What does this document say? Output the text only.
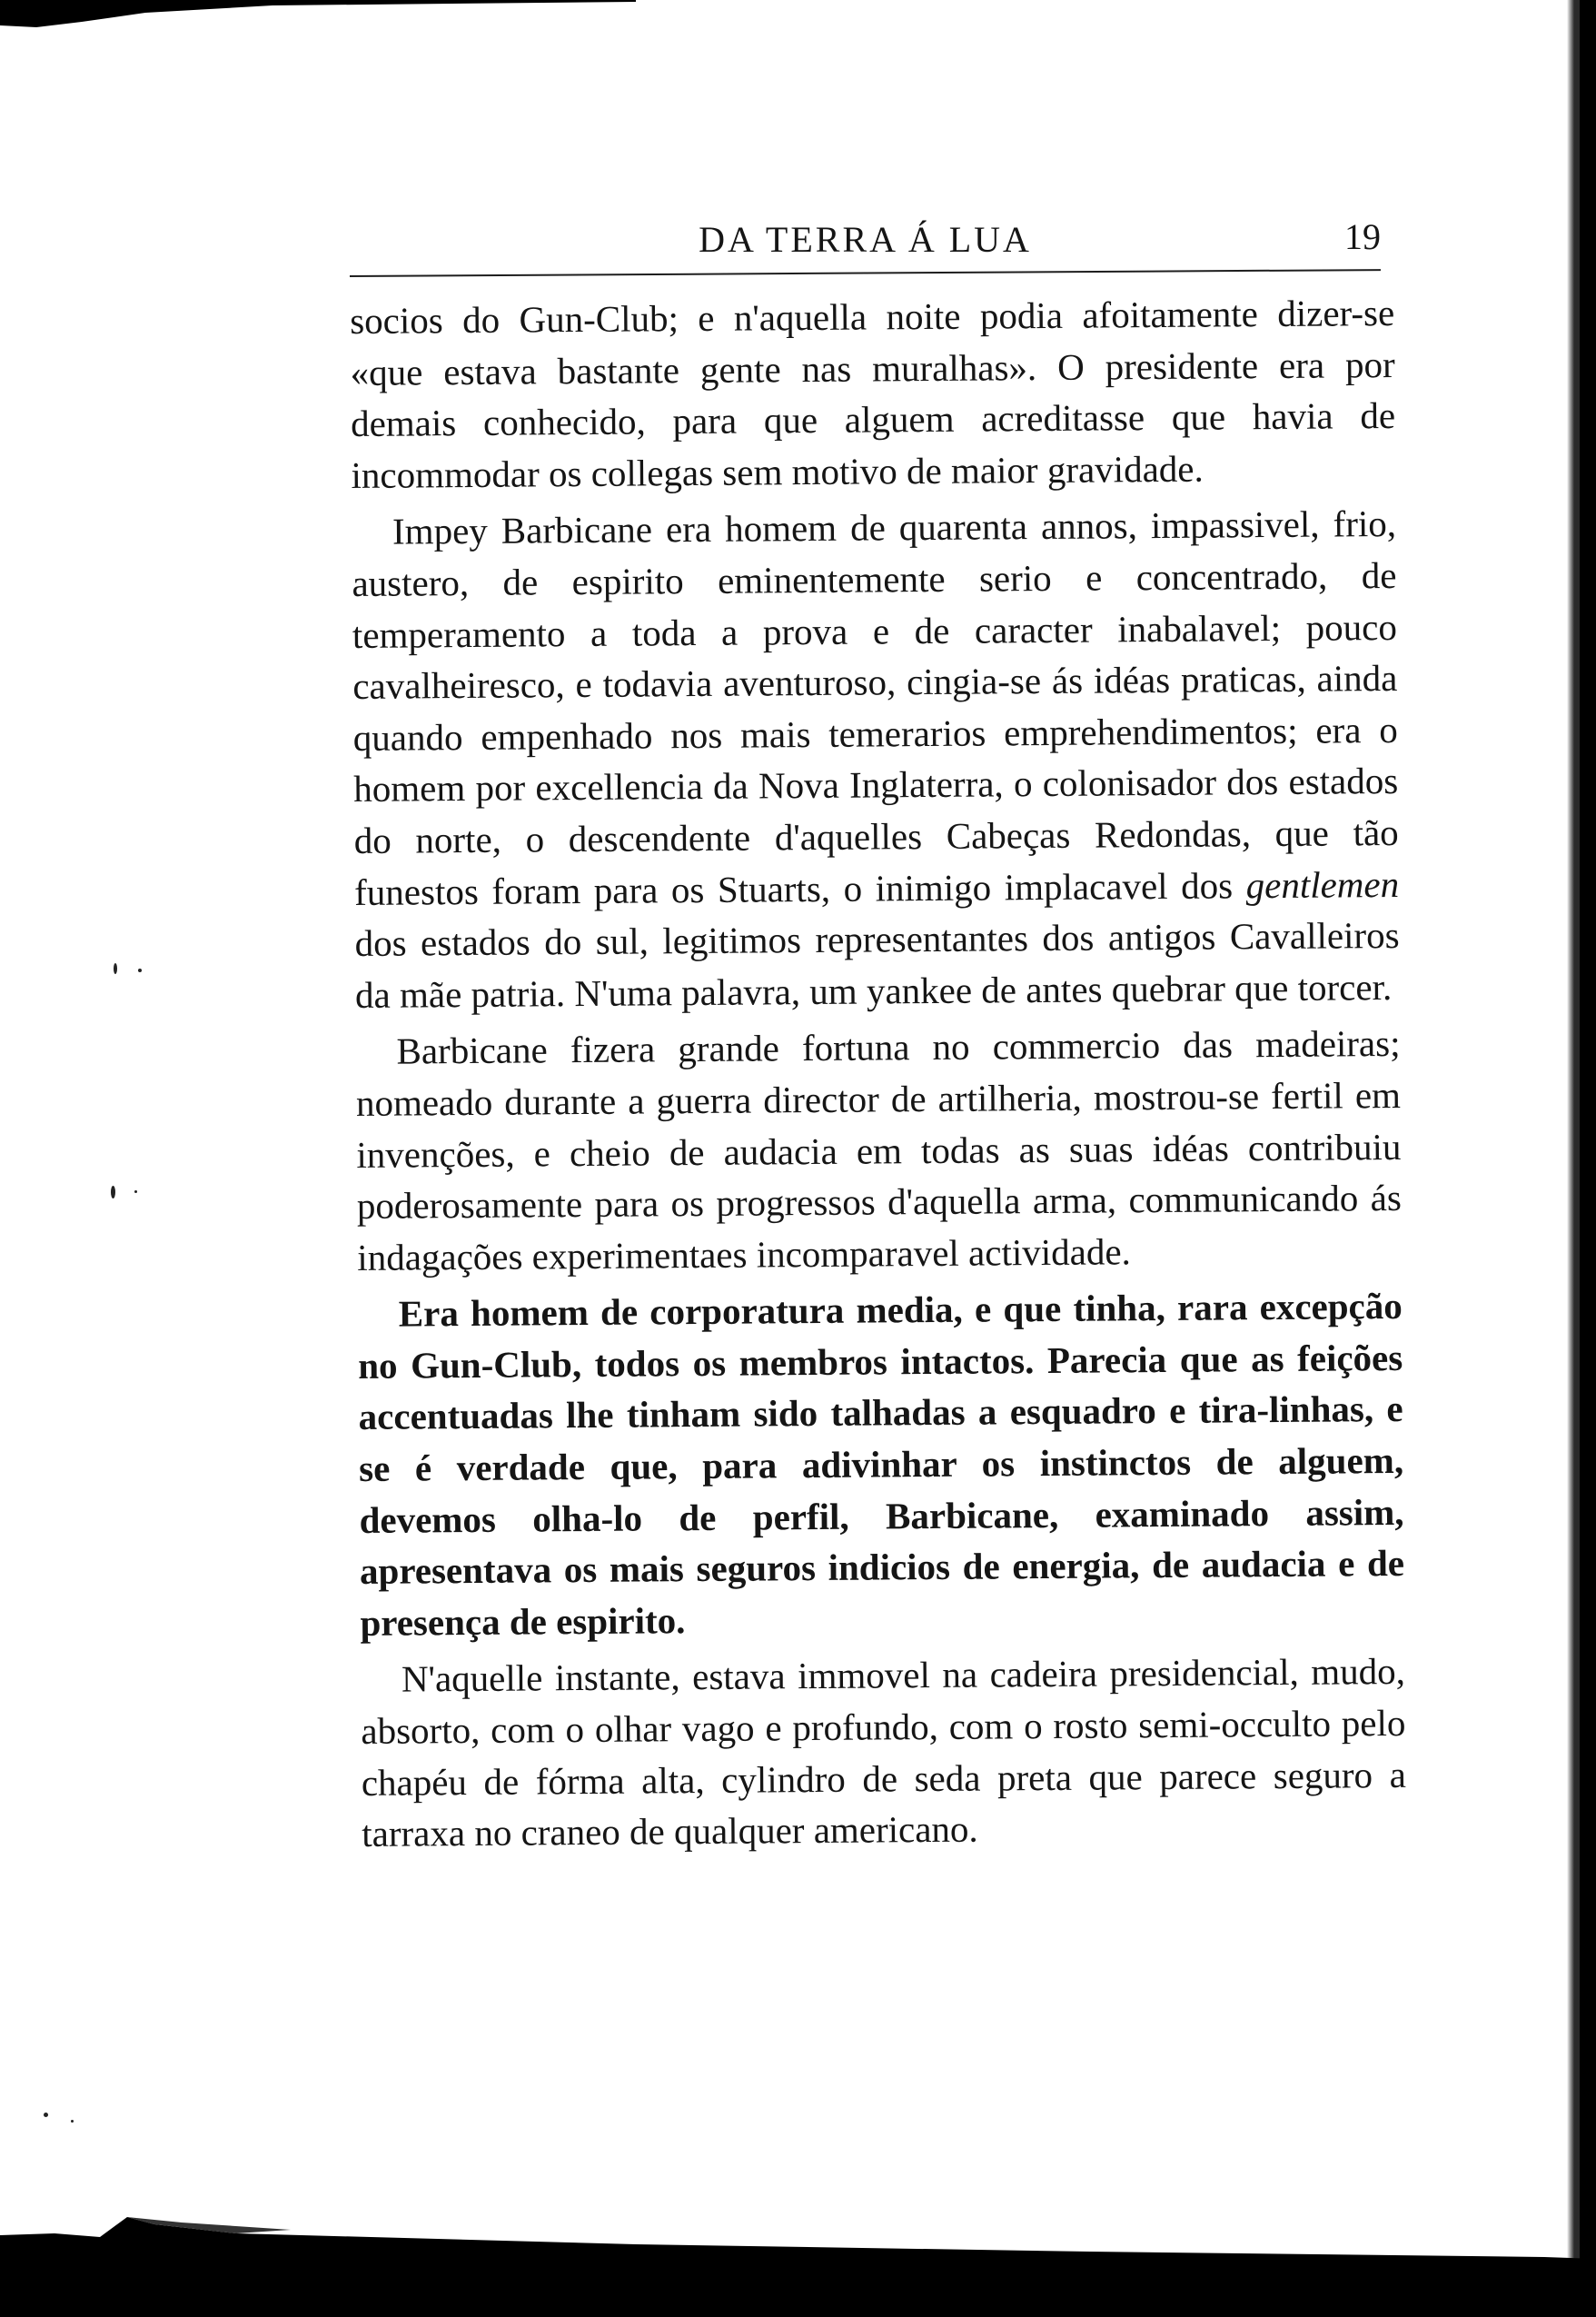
DA TERRA Á LUA	19

socios do Gun-Club; e n'aquella noite podia afoitamente dizer-se «que estava bastante gente nas muralhas». O presidente era por demais conhecido, para que alguem acreditasse que havia de incommodar os collegas sem motivo de maior gravidade.

Impey Barbicane era homem de quarenta annos, impassivel, frio, austero, de espirito eminentemente serio e concentrado, de temperamento a toda a prova e de caracter inabalavel; pouco cavalheiresco, e todavia aventuroso, cingia-se ás idéas praticas, ainda quando empenhado nos mais temerarios emprehendimentos; era o homem por excellencia da Nova Inglaterra, o colonisador dos estados do norte, o descendente d'aquelles Cabeças Redondas, que tão funestos foram para os Stuarts, o inimigo implacavel dos gentlemen dos estados do sul, legitimos representantes dos antigos Cavalleiros da mãe patria. N'uma palavra, um yankee de antes quebrar que torcer.

Barbicane fizera grande fortuna no commercio das madeiras; nomeado durante a guerra director de artilheria, mostrou-se fertil em invenções, e cheio de audacia em todas as suas idéas contribuiu poderosamente para os progressos d'aquella arma, communicando ás indagações experimentaes incomparavel actividade.

Era homem de corporatura media, e que tinha, rara excepção no Gun-Club, todos os membros intactos. Parecia que as feições accentuadas lhe tinham sido talhadas a esquadro e tira-linhas, e se é verdade que, para adivinhar os instinctos de alguem, devemos olha-lo de perfil, Barbicane, examinado assim, apresentava os mais seguros indicios de energia, de audacia e de presença de espirito.

N'aquelle instante, estava immovel na cadeira presidencial, mudo, absorto, com o olhar vago e profundo, com o rosto semi-occulto pelo chapéu de fórma alta, cylindro de seda preta que parece seguro a tarraxa no craneo de qualquer americano.
